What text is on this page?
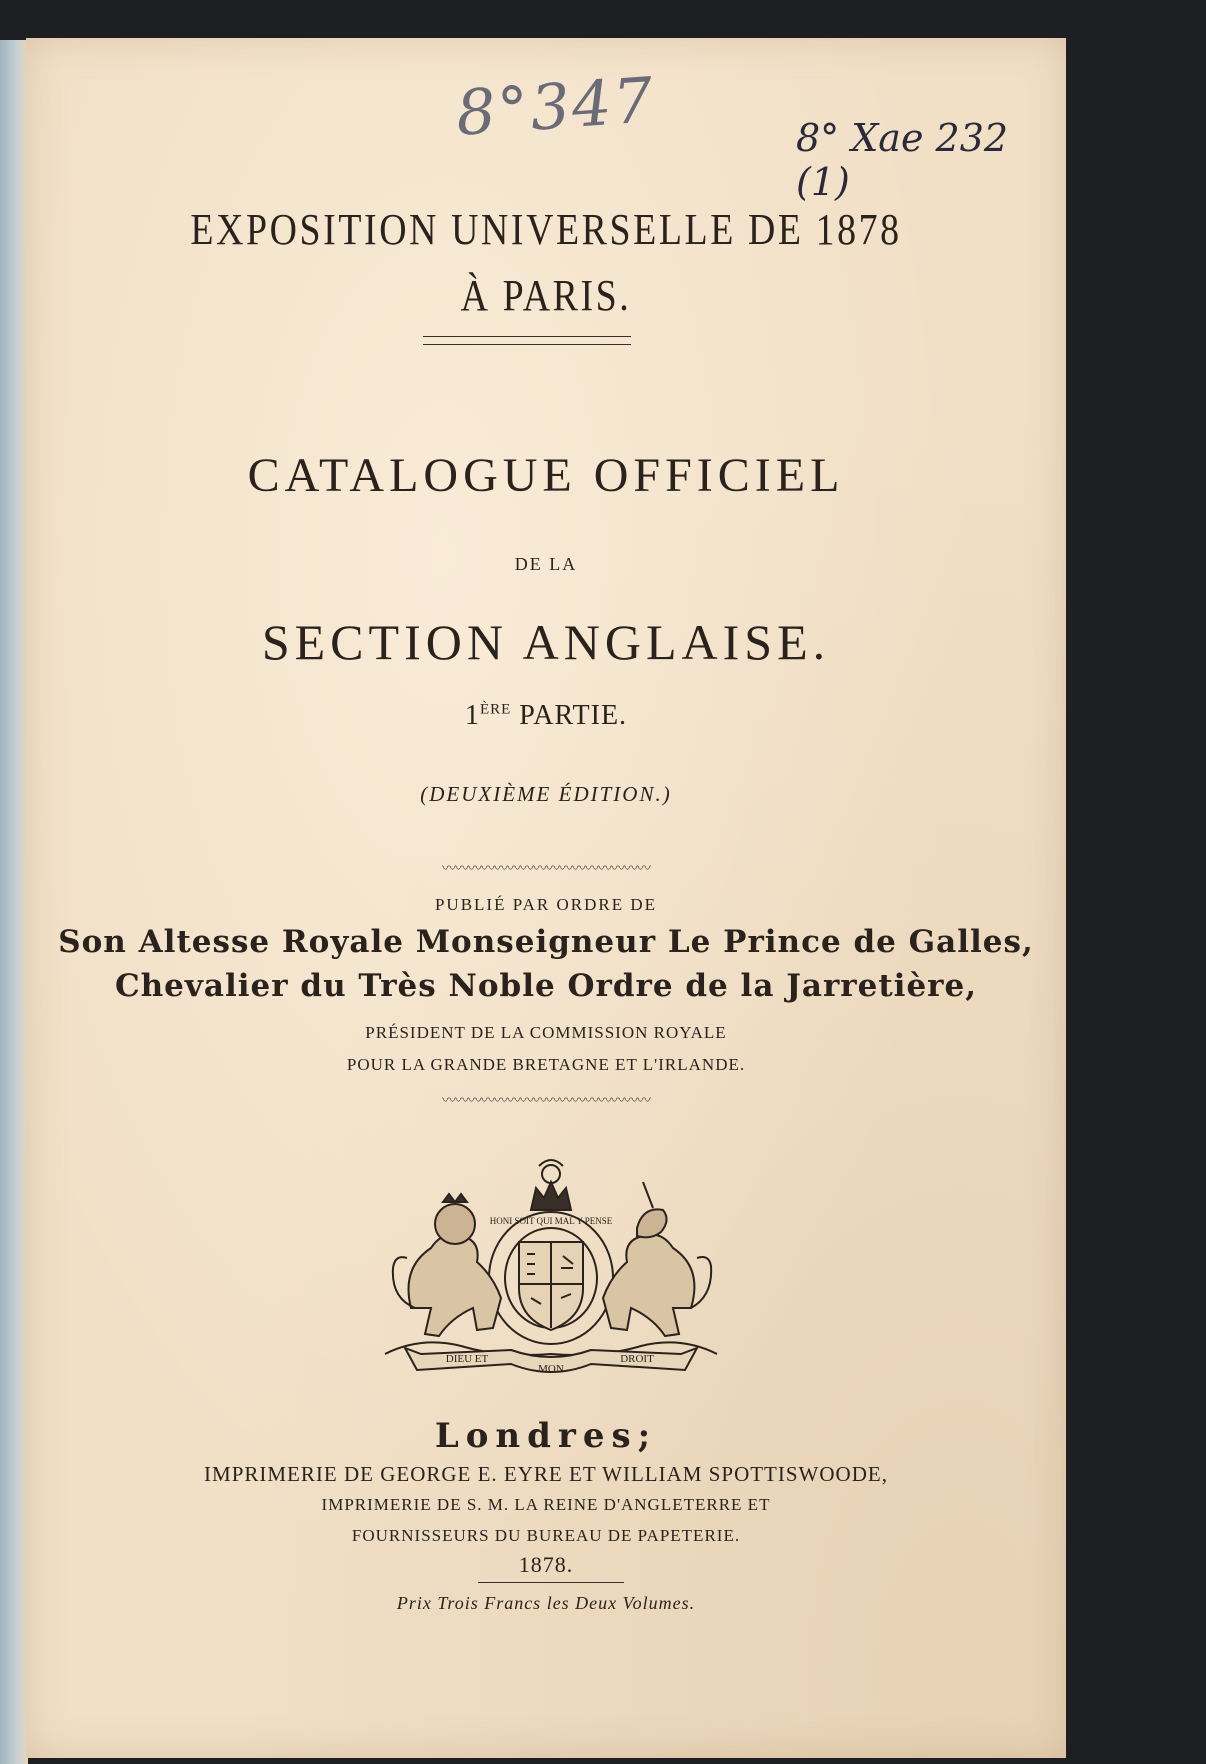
8°347	8° Xae 232 (1)
EXPOSITION UNIVERSELLE DE 1878
À PARIS.
CATALOGUE OFFICIEL
DE LA
SECTION ANGLAISE.
1ÈRE PARTIE.
(DEUXIÈME ÉDITION.)
〰〰〰〰〰〰〰〰〰〰〰〰〰〰〰〰
PUBLIÉ PAR ORDRE DE
Son Altesse Royale Monseigneur Le Prince de Galles,
Chevalier du Très Noble Ordre de la Jarretière,
PRÉSIDENT DE LA COMMISSION ROYALE
POUR LA GRANDE BRETAGNE ET L'IRLANDE.
〰〰〰〰〰〰〰〰〰〰〰〰〰〰〰〰
DIEU ET
MON
DROIT
HONI SOIT QUI MAL Y PENSE
Londres;
IMPRIMERIE DE GEORGE E. EYRE ET WILLIAM SPOTTISWOODE,
IMPRIMERIE DE S. M. LA REINE D'ANGLETERRE ET
FOURNISSEURS DU BUREAU DE PAPETERIE.
1878.
Prix Trois Francs les Deux Volumes.
